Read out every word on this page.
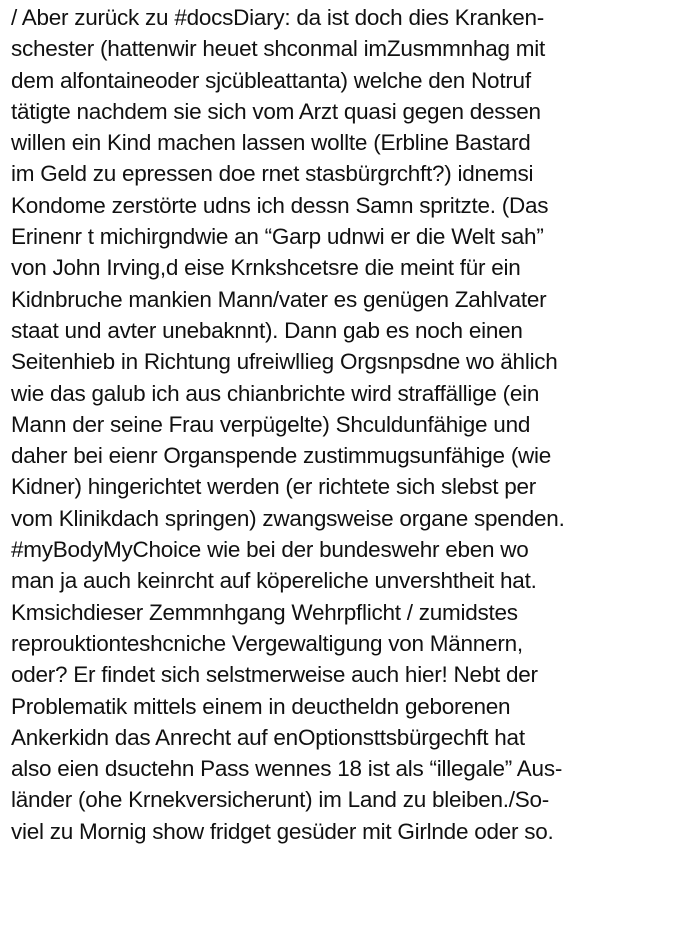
/ Aber zurück zu #docsDiary: da ist doch dies Kranken-
schester (hattenwir heuet shconmal imZusmmnhag mit
dem alfontaineoder sjcübleattanta) welche den Notruf
tätigte nachdem sie sich vom Arzt quasi gegen dessen
willen ein Kind machen lassen wollte (Erbline Bastard
im Geld zu epressen doe rnet stasbürgrchft?) idnemsi
Kondome zerstörte udns ich dessn Samn spritzte. (Das
Erinenr t michirgndwie an “Garp udnwi er die Welt sah”
von John Irving,d eise Krnkshcetsre die meint für ein
Kidnbruche mankien Mann/vater es genügen Zahlvater
staat und avter unebaknnt). Dann gab es noch einen
Seitenhieb in Richtung ufreiwllieg Orgsnpsdne wo ählich
wie das galub ich aus chianbrichte wird straffällige (ein
Mann der seine Frau verpügelte) Shculdunfähige und
daher bei eienr Organspende zustimmugsunfähige (wie
Kidner) hingerichtet werden (er richtete sich slebst per
vom Klinikdach springen) zwangsweise organe spenden.
#myBodyMyChoice wie bei der bundeswehr eben wo
man ja auch keinrcht auf köpereliche unvershtheit hat.
Kmsichdieser Zemmnhgang Wehrpflicht / zumidstes
reprouktionteshcniche Vergewaltigung von Männern,
oder? Er findet sich selstmerweise auch hier! Nebt der
Problematik mittels einem in deuctheldn geborenen
Ankerkidn das Anrecht auf enOptionsttsbürgechft hat
also eien dsuctehn Pass wennes 18 ist als “illegale” Aus-
länder (ohe Krnekversicherunt) im Land zu bleiben./So-
viel zu Mornig show fridget gesüder mit Girlnde oder so.
